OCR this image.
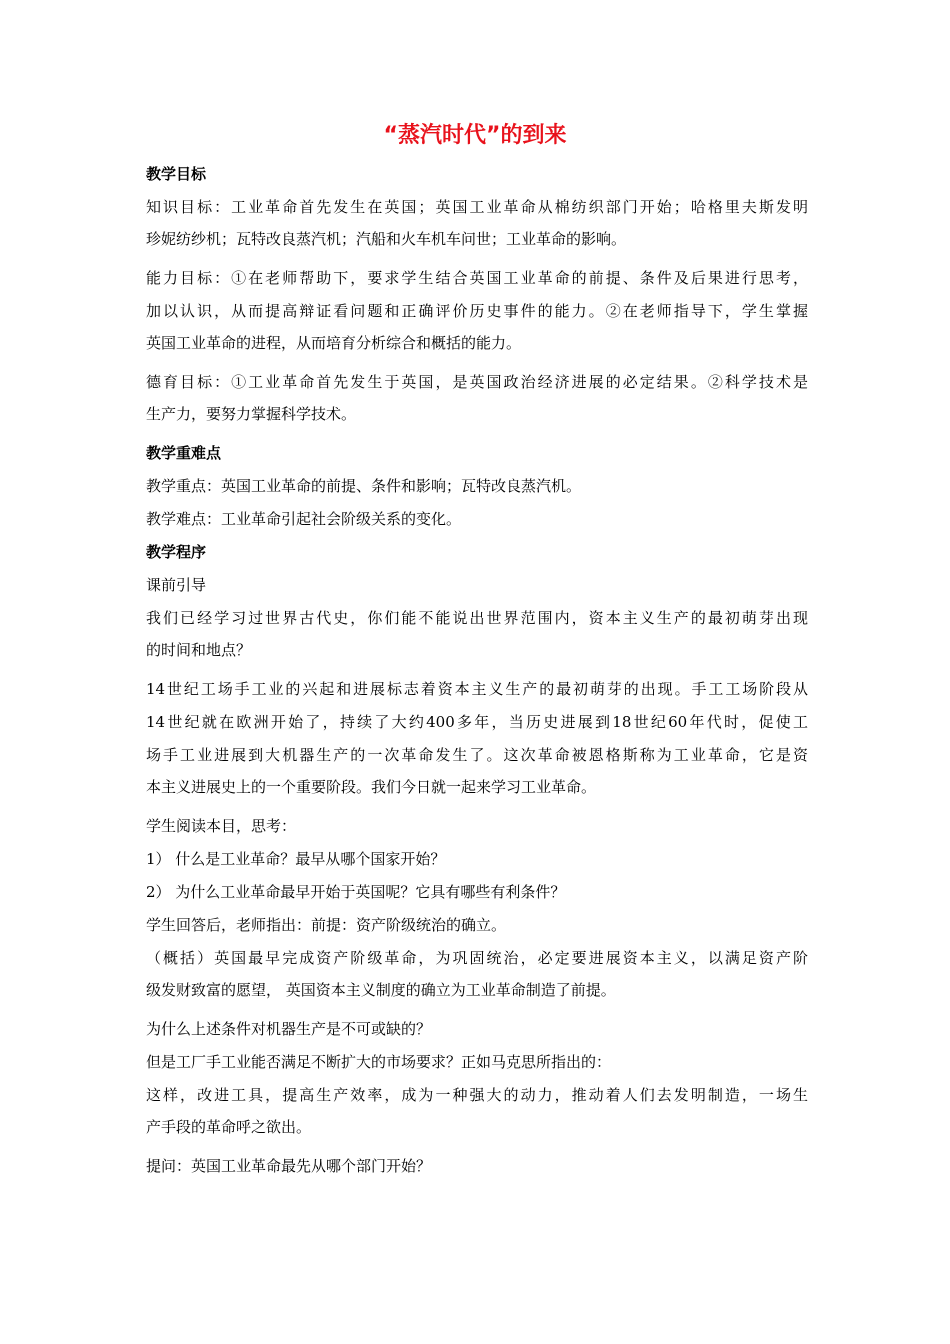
“蒸汽时代”的到来
教学目标
知识目标：工业革命首先发生在英国；英国工业革命从棉纺织部门开始；哈格里夫斯发明
珍妮纺纱机；瓦特改良蒸汽机；汽船和火车机车问世；工业革命的影响。
能力目标：①在老师帮助下，要求学生结合英国工业革命的前提、条件及后果进行思考，
加以认识，从而提高辩证看问题和正确评价历史事件的能力。②在老师指导下，学生掌握
英国工业革命的进程，从而培育分析综合和概括的能力。
德育目标：①工业革命首先发生于英国，是英国政治经济进展的必定结果。②科学技术是
生产力，要努力掌握科学技术。
教学重难点
教学重点：英国工业革命的前提、条件和影响；瓦特改良蒸汽机。
教学难点：工业革命引起社会阶级关系的变化。
教学程序
课前引导
我们已经学习过世界古代史，你们能不能说出世界范围内，资本主义生产的最初萌芽出现
的时间和地点？
14世纪工场手工业的兴起和进展标志着资本主义生产的最初萌芽的出现。手工工场阶段从
14世纪就在欧洲开始了，持续了大约400多年，当历史进展到18世纪60年代时，促使工
场手工业进展到大机器生产的一次革命发生了。这次革命被恩格斯称为工业革命，它是资
本主义进展史上的一个重要阶段。我们今日就一起来学习工业革命。
学生阅读本目，思考：
1） 什么是工业革命？最早从哪个国家开始？
2） 为什么工业革命最早开始于英国呢？它具有哪些有利条件？
学生回答后，老师指出：前提：资产阶级统治的确立。
（概括）英国最早完成资产阶级革命，为巩固统治，必定要进展资本主义，以满足资产阶
级发财致富的愿望， 英国资本主义制度的确立为工业革命制造了前提。
为什么上述条件对机器生产是不可或缺的？
但是工厂手工业能否满足不断扩大的市场要求？正如马克思所指出的：
这样，改进工具，提高生产效率，成为一种强大的动力，推动着人们去发明制造，一场生
产手段的革命呼之欲出。
提问：英国工业革命最先从哪个部门开始？
